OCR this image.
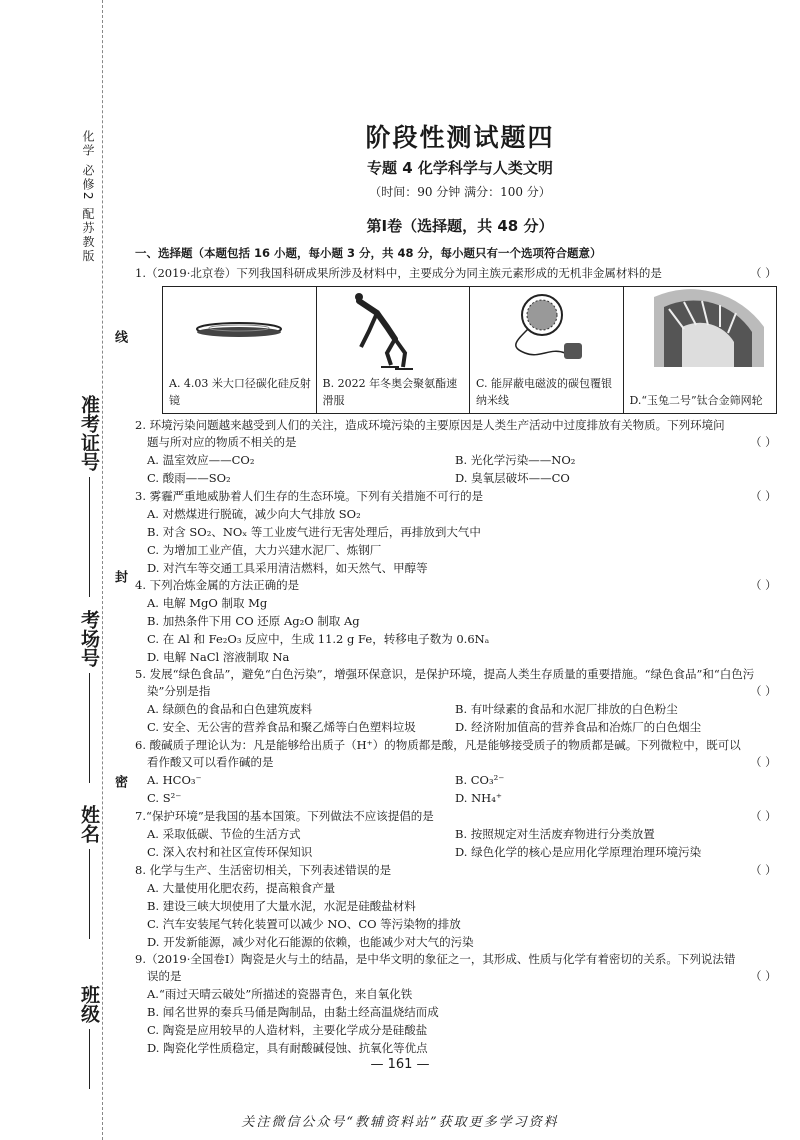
化学 必修2 配苏教版
准考证号
考场号
姓名
班级
线
封
密
阶段性测试题四
专题 4 化学科学与人类文明
（时间：90 分钟 满分：100 分）
第Ⅰ卷（选择题，共 48 分）
一、选择题（本题包括 16 小题，每小题 3 分，共 48 分，每小题只有一个选项符合题意）
1.（2019·北京卷）下列我国科研成果所涉及材料中，主要成分为同主族元素形成的无机非金属材料的是	（ ）
A. 4.03 米大口径碳化硅反射镜
B. 2022 年冬奥会聚氨酯速滑服
C. 能屏蔽电磁波的碳包覆银纳米线	D.“玉兔二号”钛合金筛网轮
2. 环境污染问题越来越受到人们的关注，造成环境污染的主要原因是人类生产活动中过度排放有关物质。下列环境问
题与所对应的物质不相关的是	（ ）
A. 温室效应——CO₂	B. 光化学污染——NO₂
C. 酸雨——SO₂	D. 臭氧层破坏——CO
3. 雾霾严重地威胁着人们生存的生态环境。下列有关措施不可行的是	（ ）
A. 对燃煤进行脱硫，减少向大气排放 SO₂
B. 对含 SO₂、NOₓ 等工业废气进行无害处理后，再排放到大气中
C. 为增加工业产值，大力兴建水泥厂、炼钢厂
D. 对汽车等交通工具采用清洁燃料，如天然气、甲醇等
4. 下列冶炼金属的方法正确的是	（ ）
A. 电解 MgO 制取 Mg
B. 加热条件下用 CO 还原 Ag₂O 制取 Ag
C. 在 Al 和 Fe₂O₃ 反应中，生成 11.2 g Fe，转移电子数为 0.6Nₐ
D. 电解 NaCl 溶液制取 Na
5. 发展“绿色食品”，避免“白色污染”，增强环保意识，是保护环境，提高人类生存质量的重要措施。“绿色食品”和“白色污
染”分别是指	（ ）
A. 绿颜色的食品和白色建筑废料	B. 有叶绿素的食品和水泥厂排放的白色粉尘
C. 安全、无公害的营养食品和聚乙烯等白色塑料垃圾	D. 经济附加值高的营养食品和冶炼厂的白色烟尘
6. 酸碱质子理论认为：凡是能够给出质子（H⁺）的物质都是酸，凡是能够接受质子的物质都是碱。下列微粒中，既可以
看作酸又可以看作碱的是	（ ）
A. HCO₃⁻	B. CO₃²⁻
C. S²⁻	D. NH₄⁺
7.“保护环境”是我国的基本国策。下列做法不应该提倡的是	（ ）
A. 采取低碳、节俭的生活方式	B. 按照规定对生活废弃物进行分类放置
C. 深入农村和社区宣传环保知识	D. 绿色化学的核心是应用化学原理治理环境污染
8. 化学与生产、生活密切相关，下列表述错误的是	（ ）
A. 大量使用化肥农药，提高粮食产量
B. 建设三峡大坝使用了大量水泥，水泥是硅酸盐材料
C. 汽车安装尾气转化装置可以减少 NO、CO 等污染物的排放
D. 开发新能源，减少对化石能源的依赖，也能减少对大气的污染
9.（2019·全国卷Ⅰ）陶瓷是火与土的结晶，是中华文明的象征之一，其形成、性质与化学有着密切的关系。下列说法错
误的是	（ ）
A.“雨过天晴云破处”所描述的瓷器青色，来自氧化铁
B. 闻名世界的秦兵马俑是陶制品，由黏土经高温烧结而成
C. 陶瓷是应用较早的人造材料，主要化学成分是硅酸盐
D. 陶瓷化学性质稳定，具有耐酸碱侵蚀、抗氧化等优点
— 161 —
关注微信公众号“教辅资料站”获取更多学习资料
